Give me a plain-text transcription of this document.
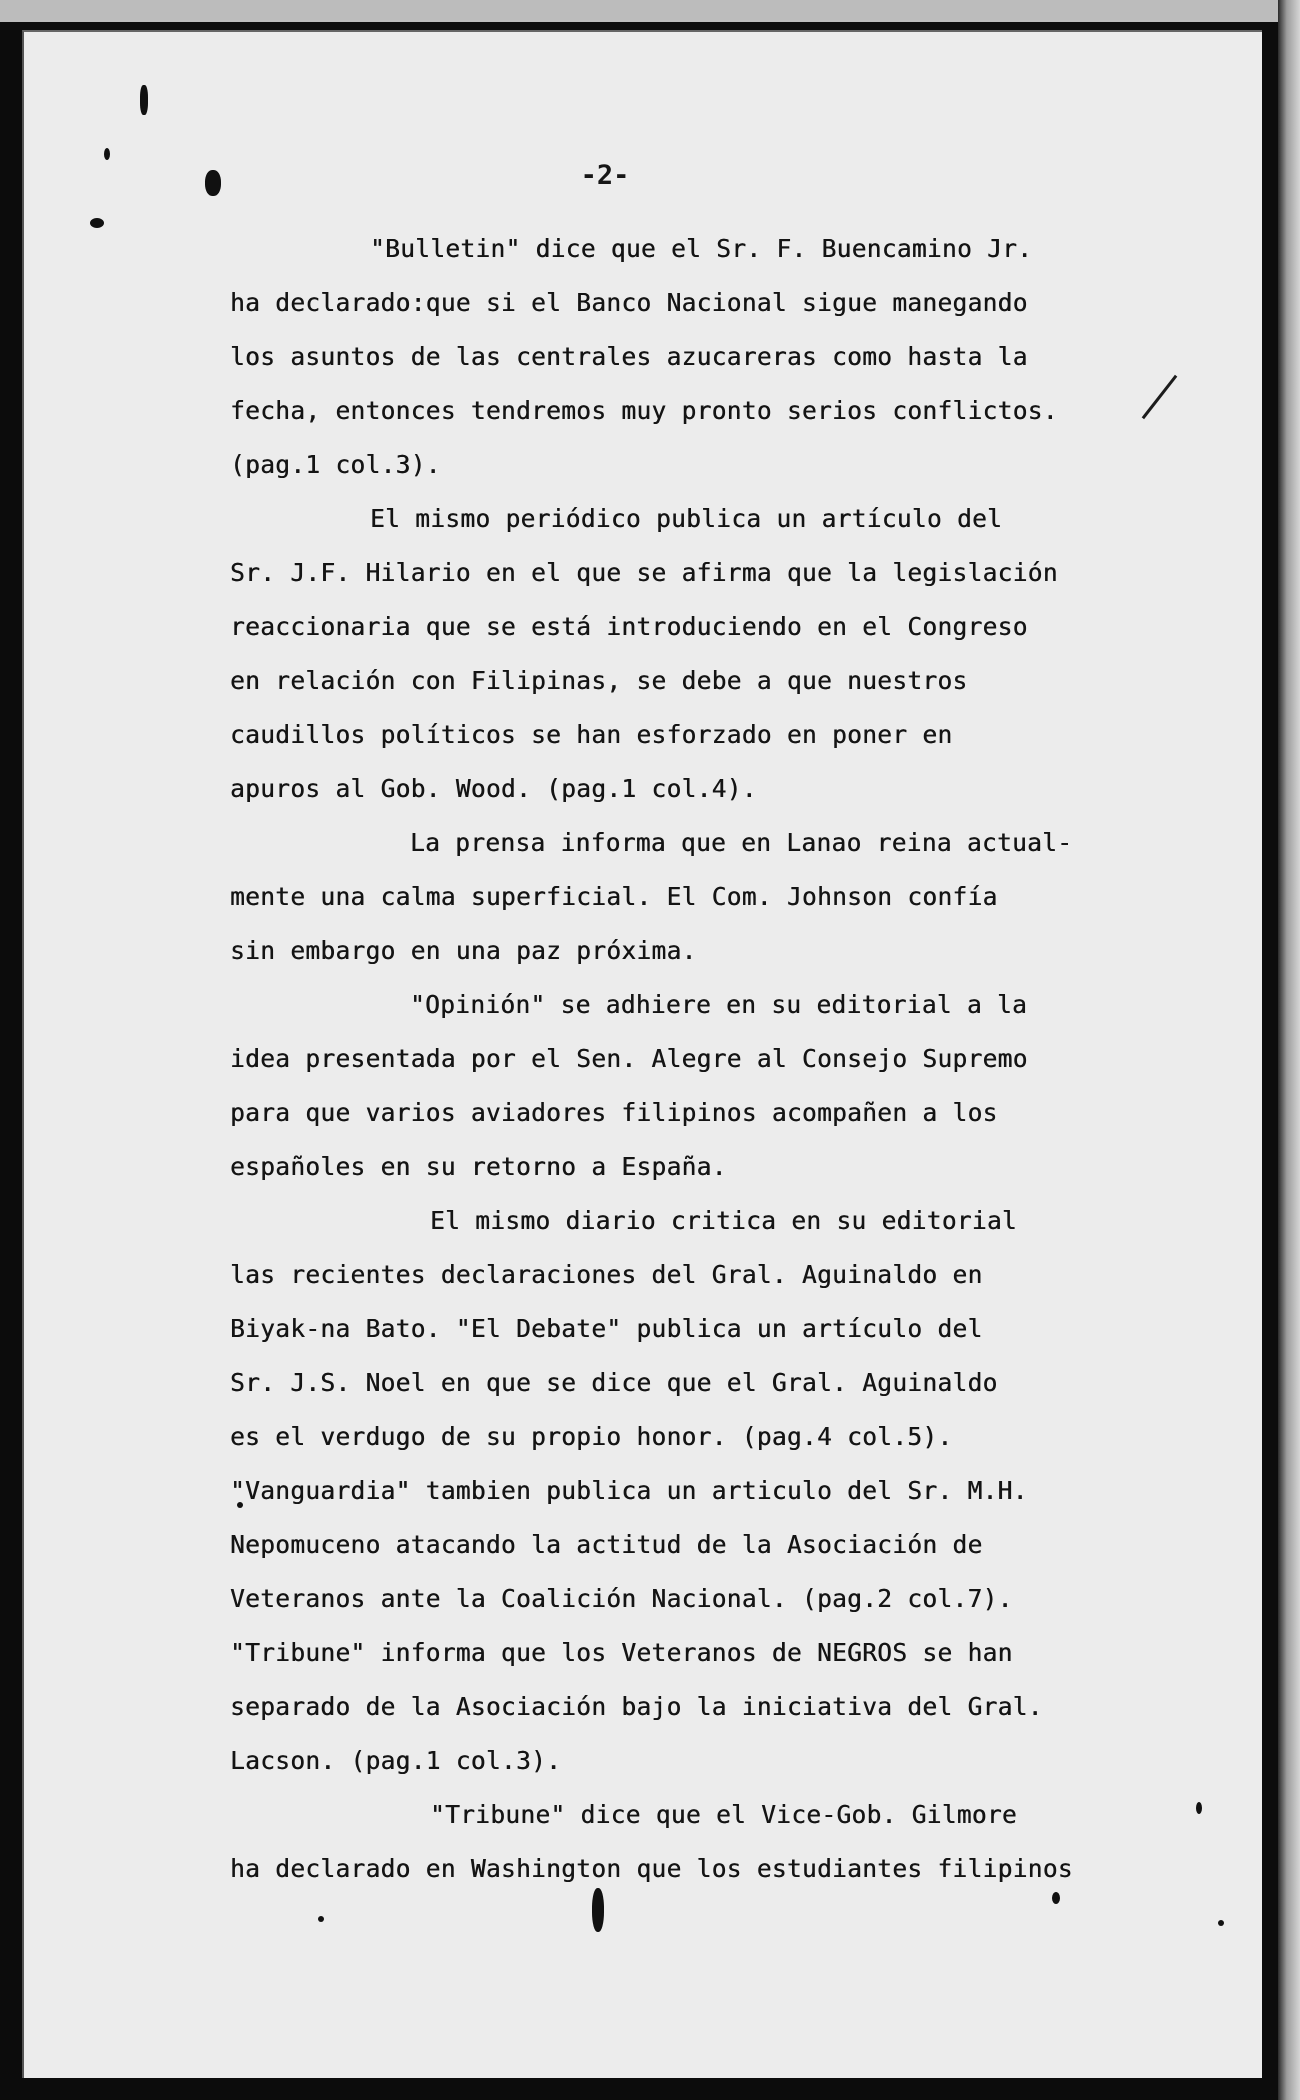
-2-
"Bulletin" dice que el Sr. F. Buencamino Jr.
ha declarado:que si el Banco Nacional sigue manegando
los asuntos de las centrales azucareras como hasta la
fecha, entonces tendremos muy pronto serios conflictos.
(pag.1 col.3).
El mismo periódico publica un artículo del
Sr. J.F. Hilario en el que se afirma que la legislación
reaccionaria que se está introduciendo en el Congreso
en relación con Filipinas, se debe a que nuestros
caudillos políticos se han esforzado en poner en
apuros al Gob. Wood. (pag.1 col.4).
La prensa informa que en Lanao reina actual-
mente una calma superficial. El Com. Johnson confía
sin embargo en una paz próxima.
"Opinión" se adhiere en su editorial a la
idea presentada por el Sen. Alegre al Consejo Supremo
para que varios aviadores filipinos acompañen a los
españoles en su retorno a España.
El mismo diario critica en su editorial
las recientes declaraciones del Gral. Aguinaldo en
Biyak-na Bato. "El Debate" publica un artículo del
Sr. J.S. Noel en que se dice que el Gral. Aguinaldo
es el verdugo de su propio honor. (pag.4 col.5).
"Vanguardia" tambien publica un articulo del Sr. M.H.
Nepomuceno atacando la actitud de la Asociación de
Veteranos ante la Coalición Nacional. (pag.2 col.7).
"Tribune" informa que los Veteranos de NEGROS se han
separado de la Asociación bajo la iniciativa del Gral.
Lacson. (pag.1 col.3).
"Tribune" dice que el Vice-Gob. Gilmore
ha declarado en Washington que los estudiantes filipinos
